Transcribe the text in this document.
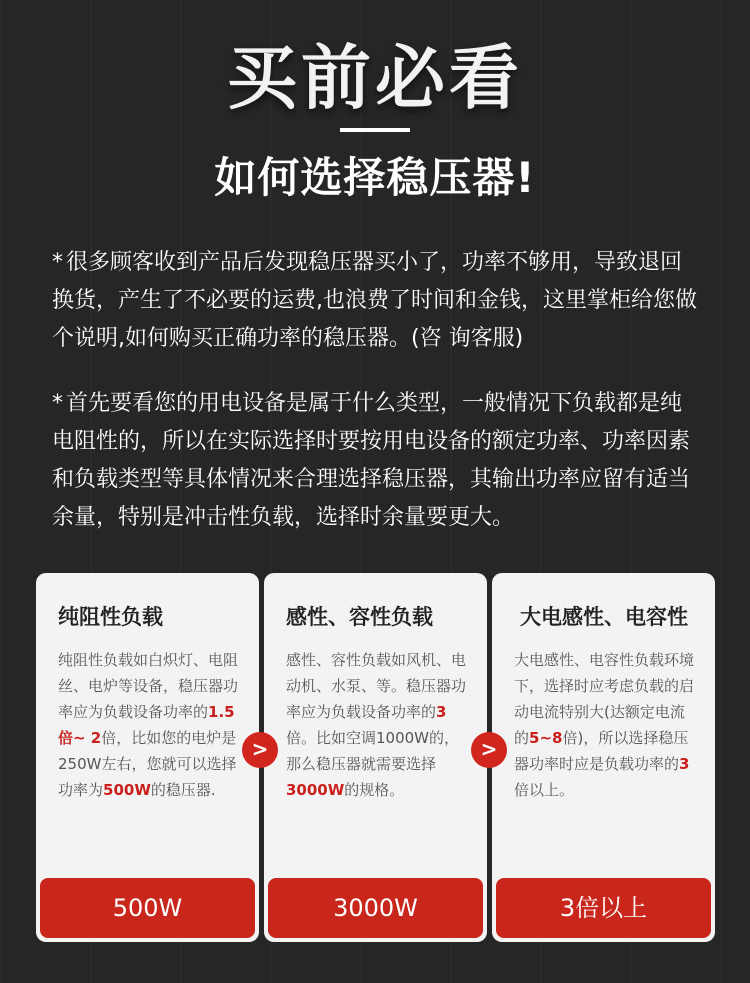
买前必看
如何选择稳压器!

* 很多顾客收到产品后发现稳压器买小了，功率不够用，导致退回换货，产生了不必要的运费,也浪费了时间和金钱，这里掌柜给您做个说明,如何购买正确功率的稳压器。(咨 询客服)

* 首先要看您的用电设备是属于什么类型，一般情况下负载都是纯电阻性的，所以在实际选择时要按用电设备的额定功率、功率因素和负载类型等具体情况来合理选择稳压器，其输出功率应留有适当余量，特别是冲击性负载，选择时余量要更大。

纯阻性负载

纯阻性负载如白炽灯、电阻丝、电炉等设备，稳压器功率应为负载设备功率的1.5倍~ 2倍，比如您的电炉是250W左右，您就可以选择功率为500W的稳压器.

500W
感性、容性负载

感性、容性负载如风机、电动机、水泵、等。稳压器功率应为负载设备功率的3倍。比如空调1000W的，那么稳压器就需要选择3000W的规格。

3000W
大电感性、电容性

大电感性、电容性负载环境下，选择时应考虑负载的启动电流特别大(达额定电流的5~8倍)，所以选择稳压器功率时应是负载功率的3倍以上。

3倍以上
>	>
